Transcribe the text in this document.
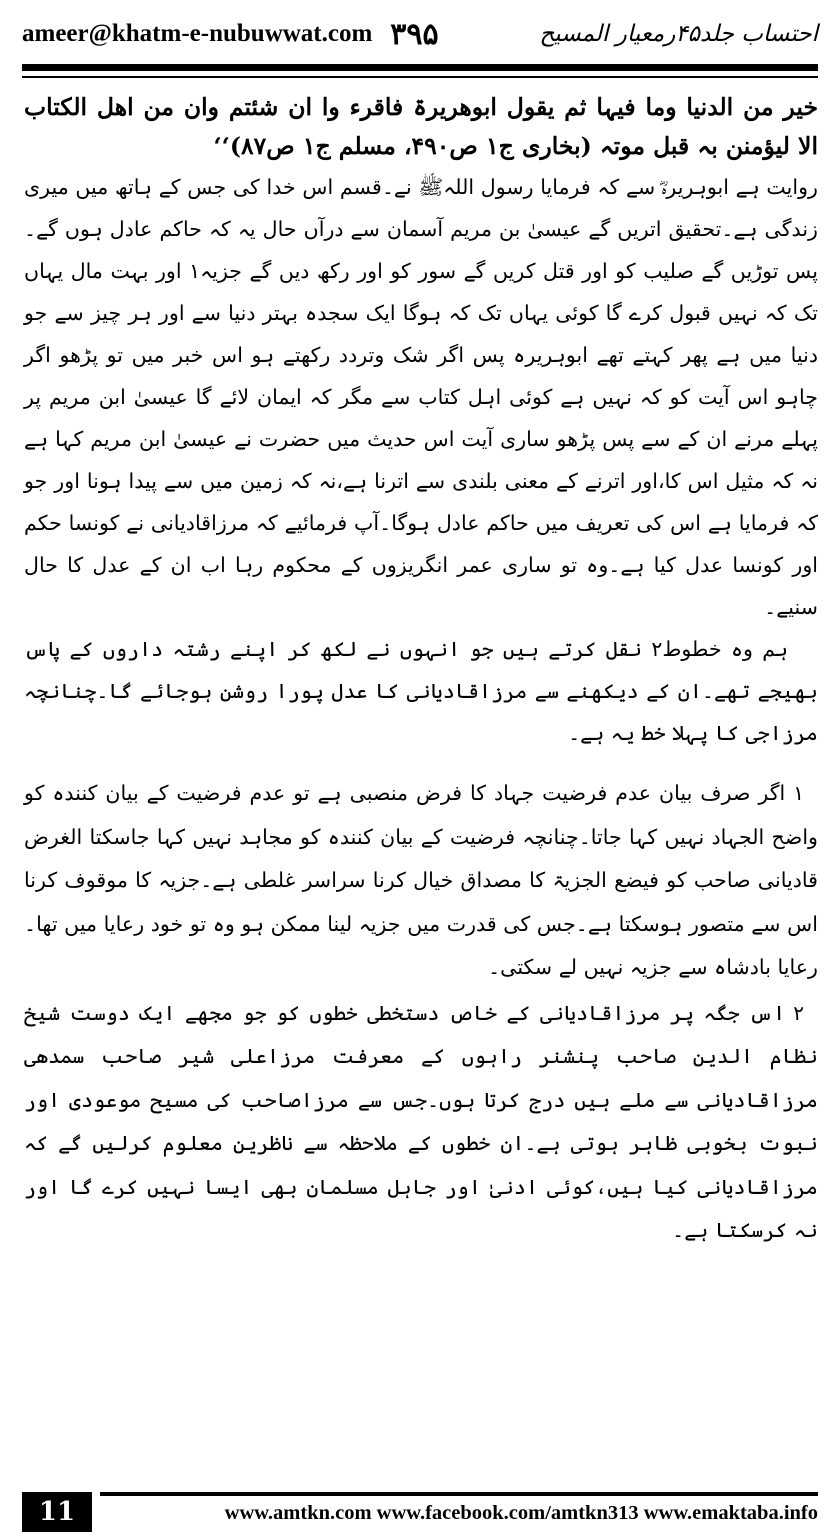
ameer@khatm-e-nubuwwat.com ۳۹۵	احتساب جلد۴۵رمعیار المسیح

خیر من الدنیا وما فیہا ثم یقول ابوھریرۃ فاقرء وا ان شئتم وان من اھل الکتاب الا لیؤمنن بہ قبل موتہ (بخاری ج۱ ص۴۹۰، مسلم ج۱ ص۸۷)‘‘

روایت ہے ابوہریرہؓ سے کہ فرمایا رسول اللہﷺ نے۔قسم اس خدا کی جس کے ہاتھ میں میری زندگی ہے۔تحقیق اتریں گے عیسیٰ بن مریم آسمان سے درآں حال یہ کہ حاکم عادل ہوں گے۔پس توڑیں گے صلیب کو اور قتل کریں گے سور کو اور رکھ دیں گے جزیہ۱ اور بہت مال یہاں تک کہ نہیں قبول کرے گا کوئی یہاں تک کہ ہوگا ایک سجدہ بہتر دنیا سے اور ہر چیز سے جو دنیا میں ہے پھر کہتے تھے ابوہریرہ پس اگر شک وتردد رکھتے ہو اس خبر میں تو پڑھو اگر چاہو اس آیت کو کہ نہیں ہے کوئی اہل کتاب سے مگر کہ ایمان لائے گا عیسیٰ ابن مریم پر پہلے مرنے ان کے سے پس پڑھو ساری آیت اس حدیث میں حضرت نے عیسیٰ ابن مریم کہا ہے نہ کہ مثیل اس کا،اور اترنے کے معنی بلندی سے اترنا ہے،نہ کہ زمین میں سے پیدا ہونا اور جو کہ فرمایا ہے اس کی تعریف میں حاکم عادل ہوگا۔آپ فرمائیے کہ مرزاقادیانی نے کونسا حکم اور کونسا عدل کیا ہے۔وہ تو ساری عمر انگریزوں کے محکوم رہا اب ان کے عدل کا حال سنیے۔

ہم وہ خطوط۲ نقل کرتے ہیں جو انہوں نے لکھ کر اپنے رشتہ داروں کے پاس بھیجے تھے۔ان کے دیکھنے سے مرزاقادیانی کا عدل پورا روشن ہوجائے گا۔چنانچہ مرزاجی کا پہلا خط یہ ہے۔

۱اگر صرف بیان عدم فرضیت جہاد کا فرض منصبی ہے تو عدم فرضیت کے بیان کنندہ کو واضح الجہاد نہیں کہا جاتا۔چنانچہ فرضیت کے بیان کنندہ کو مجاہد نہیں کہا جاسکتا الغرض قادیانی صاحب کو فیضع الجزیۃ کا مصداق خیال کرنا سراسر غلطی ہے۔جزیہ کا موقوف کرنا اس سے متصور ہوسکتا ہے۔جس کی قدرت میں جزیہ لینا ممکن ہو وہ تو خود رعایا میں تھا۔رعایا بادشاہ سے جزیہ نہیں لے سکتی۔

۲اس جگہ پر مرزاقادیانی کے خاص دستخطی خطوں کو جو مجھے ایک دوست شیخ نظام الدین صاحب پنشنر راہوں کے معرفت مرزاعلی شیر صاحب سمدھی مرزاقادیانی سے ملے ہیں درج کرتا ہوں۔جس سے مرزاصاحب کی مسیح موعودی اور نبوت بخوبی ظاہر ہوتی ہے۔ان خطوں کے ملاحظہ سے ناظرین معلوم کرلیں گے کہ مرزاقادیانی کیا ہیں،کوئی ادنیٰ اور جاہل مسلمان بھی ایسا نہیں کرے گا اور نہ کرسکتا ہے۔

11	www.amtkn.com www.facebook.com/amtkn313 www.emaktaba.info
